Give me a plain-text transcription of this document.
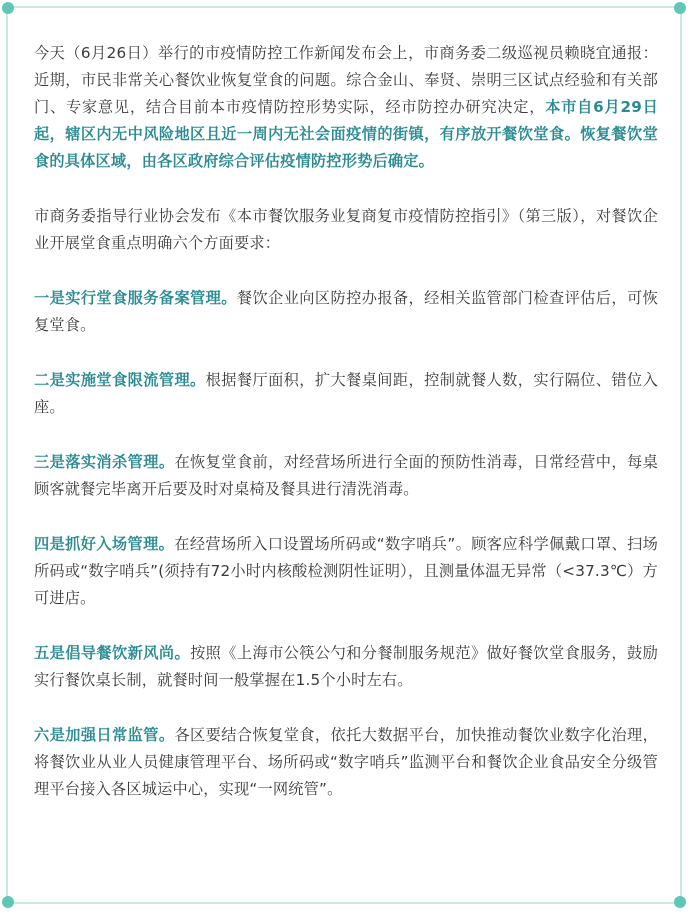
今天（6月26日）举行的市疫情防控工作新闻发布会上，市商务委二级巡视员赖晓宜通报：近期，市民非常关心餐饮业恢复堂食的问题。综合金山、奉贤、崇明三区试点经验和有关部门、专家意见，结合目前本市疫情防控形势实际，经市防控办研究决定，本市自6月29日起，辖区内无中风险地区且近一周内无社会面疫情的街镇，有序放开餐饮堂食。恢复餐饮堂食的具体区域，由各区政府综合评估疫情防控形势后确定。

市商务委指导行业协会发布《本市餐饮服务业复商复市疫情防控指引》（第三版），对餐饮企业开展堂食重点明确六个方面要求：

一是实行堂食服务备案管理。餐饮企业向区防控办报备，经相关监管部门检查评估后，可恢复堂食。

二是实施堂食限流管理。根据餐厅面积，扩大餐桌间距，控制就餐人数，实行隔位、错位入座。

三是落实消杀管理。在恢复堂食前，对经营场所进行全面的预防性消毒，日常经营中，每桌顾客就餐完毕离开后要及时对桌椅及餐具进行清洗消毒。

四是抓好入场管理。在经营场所入口设置场所码或“数字哨兵”。顾客应科学佩戴口罩、扫场所码或“数字哨兵”(须持有72小时内核酸检测阴性证明），且测量体温无异常（<37.3℃）方可进店。

五是倡导餐饮新风尚。按照《上海市公筷公勺和分餐制服务规范》做好餐饮堂食服务，鼓励实行餐饮桌长制，就餐时间一般掌握在1.5个小时左右。

六是加强日常监管。各区要结合恢复堂食，依托大数据平台，加快推动餐饮业数字化治理，将餐饮业从业人员健康管理平台、场所码或“数字哨兵”监测平台和餐饮企业食品安全分级管理平台接入各区城运中心，实现“一网统管”。
